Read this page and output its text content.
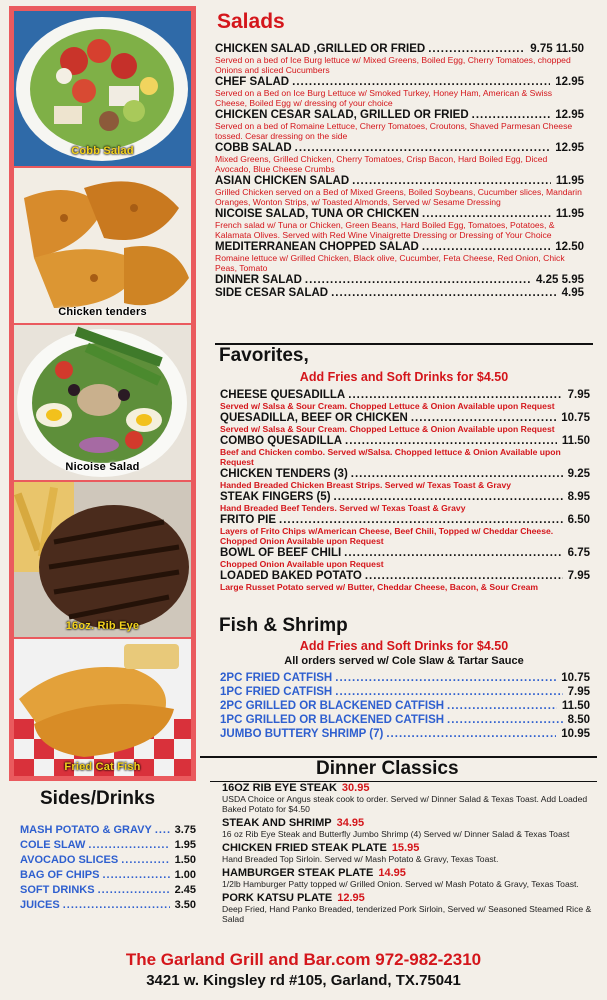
Cobb Salad
Chicken tenders
Nicoise Salad
16oz. Rib Eye
Fried Cat Fish
Salads
CHICKEN SALAD ,GRILLED OR FRIED .....	9.75 11.50
Served on a bed of Ice Burg lettuce w/ Mixed Greens, Boiled Egg, Cherry Tomatoes, chopped Onions and sliced Cucumbers
CHEF SALAD .....	12.95
Served on a Bed on Ice Burg Lettuce w/ Smoked Turkey, Honey Ham, American & Swiss Cheese, Boiled Egg w/ dressing of your choice
CHICKEN CESAR SALAD, GRILLED OR FRIED .....	12.95
Served on a bed of Romaine Lettuce, Cherry Tomatoes, Croutons, Shaved Parmesan Cheese tossed. Cesar dressing on the side
COBB SALAD .....	12.95
Mixed Greens, Grilled Chicken, Cherry Tomatoes, Crisp Bacon, Hard Boiled Egg, Diced Avocado, Blue Cheese Crumbs
ASIAN CHICKEN SALAD .....	11.95
Grilled Chicken served on a Bed of Mixed Greens, Boiled Soybeans, Cucumber slices, Mandarin Oranges, Wonton Strips, w/ Toasted Almonds, Served w/ Sesame Dressing
NICOISE SALAD, TUNA OR CHICKEN .....	11.95
French salad w/ Tuna or Chicken, Green Beans, Hard Boiled Egg, Tomatoes, Potatoes, & Kalamata Olives. Served with Red Wine Vinaigrette Dressing or Dressing of Your Choice
MEDITERRANEAN CHOPPED SALAD .....	12.50
Romaine lettuce w/ Grilled Chicken, Black olive, Cucumber, Feta Cheese, Red Onion, Chick Peas, Tomato
DINNER SALAD .....	4.25 5.95
SIDE CESAR SALAD .....	4.95
Favorites,
Add Fries and Soft Drinks for $4.50
CHEESE QUESADILLA .....	7.95
Served w/ Salsa & Sour Cream. Chopped Lettuce & Onion Available upon Request
QUESADILLA, BEEF OR CHICKEN .....	10.75
Served w/ Salsa & Sour Cream. Chopped Lettuce & Onion Available upon Request
COMBO QUESADILLA .....	11.50
Beef and Chicken combo. Served w/Salsa. Chopped lettuce & Onion Available upon Request
CHICKEN TENDERS (3) .....	9.25
Handed Breaded Chicken Breast Strips. Served w/ Texas Toast & Gravy
STEAK FINGERS (5) .....	8.95
Hand Breaded Beef Tenders. Served w/ Texas Toast & Gravy
FRITO PIE .....	6.50
Layers of Frito Chips w/American Cheese, Beef Chili, Topped w/ Cheddar Cheese. Chopped Onion Available upon Request
BOWL OF BEEF CHILI .....	6.75
Chopped Onion Available upon Request
LOADED BAKED POTATO .....	7.95
Large Russet Potato served w/ Butter, Cheddar Cheese, Bacon, & Sour Cream
Fish & Shrimp
Add Fries and Soft Drinks for $4.50
All orders served w/ Cole Slaw & Tartar Sauce
2PC FRIED CATFISH .....	10.75
1PC FRIED CATFISH .....	7.95
2PC GRILLED OR BLACKENED CATFISH .....	11.50
1PC GRILLED OR BLACKENED CATFISH .....	8.50
JUMBO BUTTERY SHRIMP (7) .....	10.95
Sides/Drinks
MASH POTATO & GRAVY ..... 3.75
COLE SLAW .....	1.95
AVOCADO SLICES .....	1.50
BAG OF CHIPS .....	1.00
SOFT DRINKS .....	2.45
JUICES .....	3.50
Dinner Classics
16OZ RIB EYE STEAK 30.95
USDA Choice or Angus steak cook to order. Served w/ Dinner Salad & Texas Toast. Add Loaded Baked Potato for $4.50
STEAK AND SHRIMP 34.95
16 oz Rib Eye Steak and Butterfly Jumbo Shrimp (4) Served w/ Dinner Salad & Texas Toast
CHICKEN FRIED STEAK PLATE 15.95
Hand Breaded Top Sirloin. Served w/ Mash Potato & Gravy, Texas Toast.
HAMBURGER STEAK PLATE 14.95
1/2lb Hamburger Patty topped w/ Grilled Onion. Served w/ Mash Potato & Gravy, Texas Toast.
PORK KATSU PLATE 12.95
Deep Fried, Hand Panko Breaded, tenderized Pork Sirloin, Served w/ Seasoned Steamed Rice & Salad
The Garland Grill and Bar.com 972-982-2310
3421 w. Kingsley rd #105, Garland, TX.75041
